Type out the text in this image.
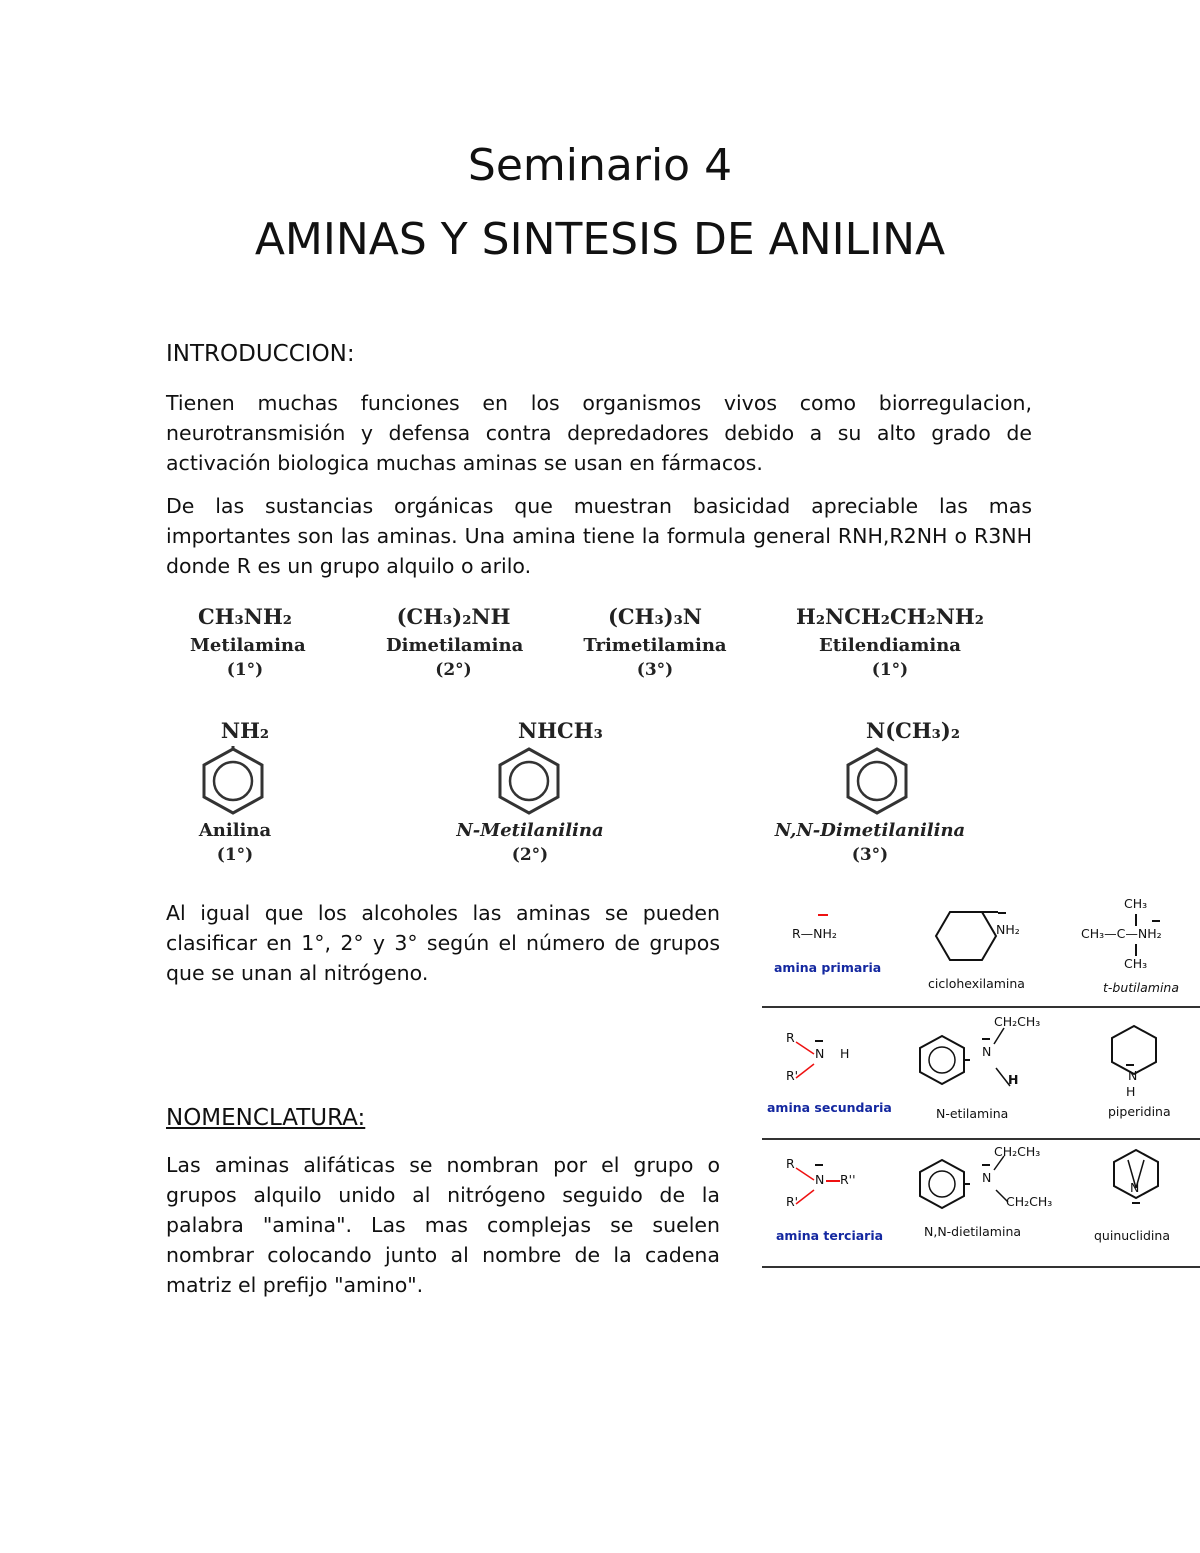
Seminario 4
AMINAS Y SINTESIS DE ANILINA
INTRODUCCION:

Tienen muchas funciones en los organismos vivos como biorregulacion, neurotransmisión y defensa contra depredadores debido a su alto grado de activación biologica muchas aminas se usan en fármacos.

De las sustancias orgánicas que muestran basicidad apreciable las mas importantes son las aminas. Una amina tiene la formula general RNH,R2NH o R3NH donde R es un grupo alquilo o arilo.

CH₃NH₂
Metilamina
(1°)
(CH₃)₂NH
Dimetilamina
(2°)
(CH₃)₃N
Trimetilamina
(3°)
H₂NCH₂CH₂NH₂
Etilendiamina
(1°)
NH₂
Anilina
(1°)
NHCH₃
N-Metilanilina
(2°)
N(CH₃)₂
N,N-Dimetilanilina
(3°)

Al igual que los alcoholes las aminas se pueden clasificar en 1°, 2° y 3° según el número de grupos que se unan al nitrógeno.

R—NH₂
amina primaria
NH₂
ciclohexilamina
CH₃
CH₃—C—NH₂
CH₃
t-butilamina
R
N H
R'
amina secundaria
CH₂CH₃
N
H
N-etilamina
N
H
piperidina
R
N R''
R'
amina terciaria
CH₂CH₃
N
CH₂CH₃
N,N-dietilamina
N
quinuclidina
NOMENCLATURA:

Las aminas alifáticas se nombran por el grupo o grupos alquilo unido al nitrógeno seguido de la palabra "amina". Las mas complejas se suelen nombrar colocando junto al nombre de la cadena matriz el prefijo "amino".
